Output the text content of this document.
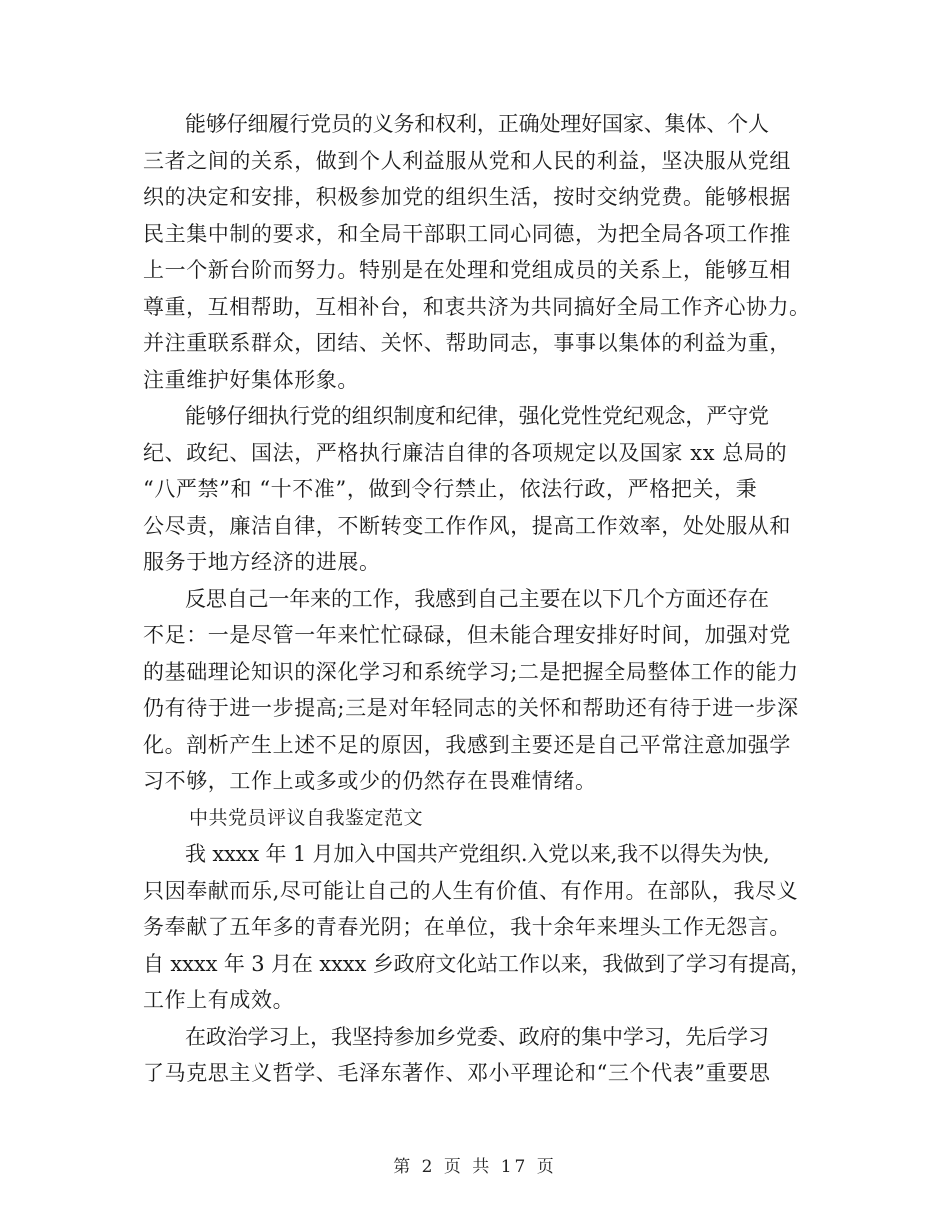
能够仔细履行党员的义务和权利，正确处理好国家、集体、个人
三者之间的关系，做到个人利益服从党和人民的利益，坚决服从党组
织的决定和安排，积极参加党的组织生活，按时交纳党费。能够根据
民主集中制的要求，和全局干部职工同心同德，为把全局各项工作推
上一个新台阶而努力。特别是在处理和党组成员的关系上，能够互相
尊重，互相帮助，互相补台，和衷共济为共同搞好全局工作齐心协力。
并注重联系群众，团结、关怀、帮助同志，事事以集体的利益为重，
注重维护好集体形象。

能够仔细执行党的组织制度和纪律，强化党性党纪观念，严守党
纪、政纪、国法，严格执行廉洁自律的各项规定以及国家 xx 总局的
“八严禁”和 “十不准”，做到令行禁止，依法行政，严格把关，秉
公尽责，廉洁自律，不断转变工作作风，提高工作效率，处处服从和
服务于地方经济的进展。

反思自己一年来的工作，我感到自己主要在以下几个方面还存在
不足：一是尽管一年来忙忙碌碌，但未能合理安排好时间，加强对党
的基础理论知识的深化学习和系统学习;二是把握全局整体工作的能力
仍有待于进一步提高;三是对年轻同志的关怀和帮助还有待于进一步深
化。剖析产生上述不足的原因，我感到主要还是自己平常注意加强学
习不够，工作上或多或少的仍然存在畏难情绪。

中共党员评议自我鉴定范文

我 xxxx 年 1 月加入中国共产党组织.入党以来,我不以得失为快,
只因奉献而乐,尽可能让自己的人生有价值、有作用。在部队，我尽义
务奉献了五年多的青春光阴；在单位，我十余年来埋头工作无怨言。
自 xxxx 年 3 月在 xxxx 乡政府文化站工作以来，我做到了学习有提高，
工作上有成效。

在政治学习上，我坚持参加乡党委、政府的集中学习，先后学习
了马克思主义哲学、毛泽东著作、邓小平理论和“三个代表”重要思

第 2 页 共 17 页
